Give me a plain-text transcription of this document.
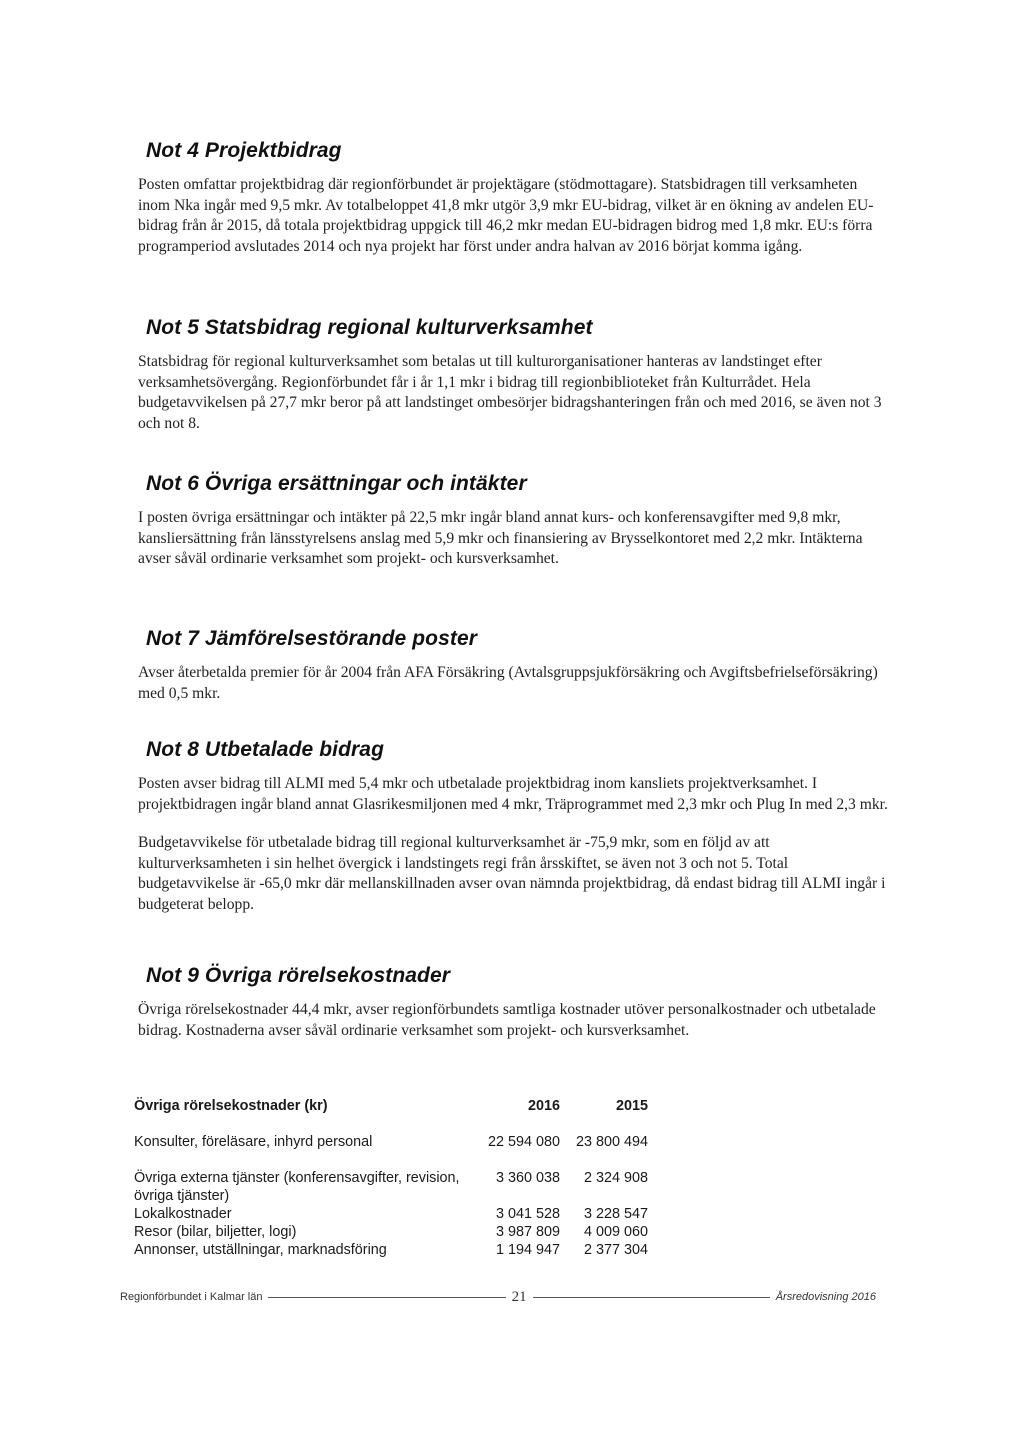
Not 4 Projektbidrag

Posten omfattar projektbidrag där regionförbundet är projektägare (stödmottagare). Statsbidragen till verksamheten inom Nka ingår med 9,5 mkr. Av totalbeloppet 41,8 mkr utgör 3,9 mkr EU-bidrag, vilket är en ökning av andelen EU-bidrag från år 2015, då totala projektbidrag uppgick till 46,2 mkr medan EU-bidragen bidrog med 1,8 mkr. EU:s förra programperiod avslutades 2014 och nya projekt har först under andra halvan av 2016 börjat komma igång.

Not 5 Statsbidrag regional kulturverksamhet

Statsbidrag för regional kulturverksamhet som betalas ut till kulturorganisationer hanteras av landstinget efter verksamhetsövergång. Regionförbundet får i år 1,1 mkr i bidrag till regionbiblioteket från Kulturrådet. Hela budgetavvikelsen på 27,7 mkr beror på att landstinget ombesörjer bidragshanteringen från och med 2016, se även not 3 och not 8.

Not 6 Övriga ersättningar och intäkter

I posten övriga ersättningar och intäkter på 22,5 mkr ingår bland annat kurs- och konferensavgifter med 9,8 mkr, kansliersättning från länsstyrelsens anslag med 5,9 mkr och finansiering av Brysselkontoret med 2,2 mkr. Intäkterna avser såväl ordinarie verksamhet som projekt- och kursverksamhet.

Not 7 Jämförelsestörande poster

Avser återbetalda premier för år 2004 från AFA Försäkring (Avtalsgruppsjukförsäkring och Avgiftsbefrielseförsäkring) med 0,5 mkr.

Not 8 Utbetalade bidrag

Posten avser bidrag till ALMI med 5,4 mkr och utbetalade projektbidrag inom kansliets projektverksamhet. I projektbidragen ingår bland annat Glasrikesmiljonen med 4 mkr, Träprogrammet med 2,3 mkr och Plug In med 2,3 mkr.

Budgetavvikelse för utbetalade bidrag till regional kulturverksamhet är -75,9 mkr, som en följd av att kulturverksamheten i sin helhet övergick i landstingets regi från årsskiftet, se även not 3 och not 5. Total budgetavvikelse är -65,0 mkr där mellanskillnaden avser ovan nämnda projektbidrag, då endast bidrag till ALMI ingår i budgeterat belopp.

Not 9 Övriga rörelsekostnader

Övriga rörelsekostnader 44,4 mkr, avser regionförbundets samtliga kostnader utöver personalkostnader och utbetalade bidrag. Kostnaderna avser såväl ordinarie verksamhet som projekt- och kursverksamhet.

Övriga rörelsekostnader (kr)	2016	2015
Konsulter, föreläsare, inhyrd personal	22 594 080	23 800 494
Övriga externa tjänster (konferensavgifter, revision, övriga tjänster)
3 360 038	2 324 908
Lokalkostnader	3 041 528	3 228 547
Resor (bilar, biljetter, logi)	3 987 809	4 009 060
Annonser, utställningar, marknadsföring	1 194 947	2 377 304
Regionförbundet i Kalmar län	21	Årsredovisning 2016
